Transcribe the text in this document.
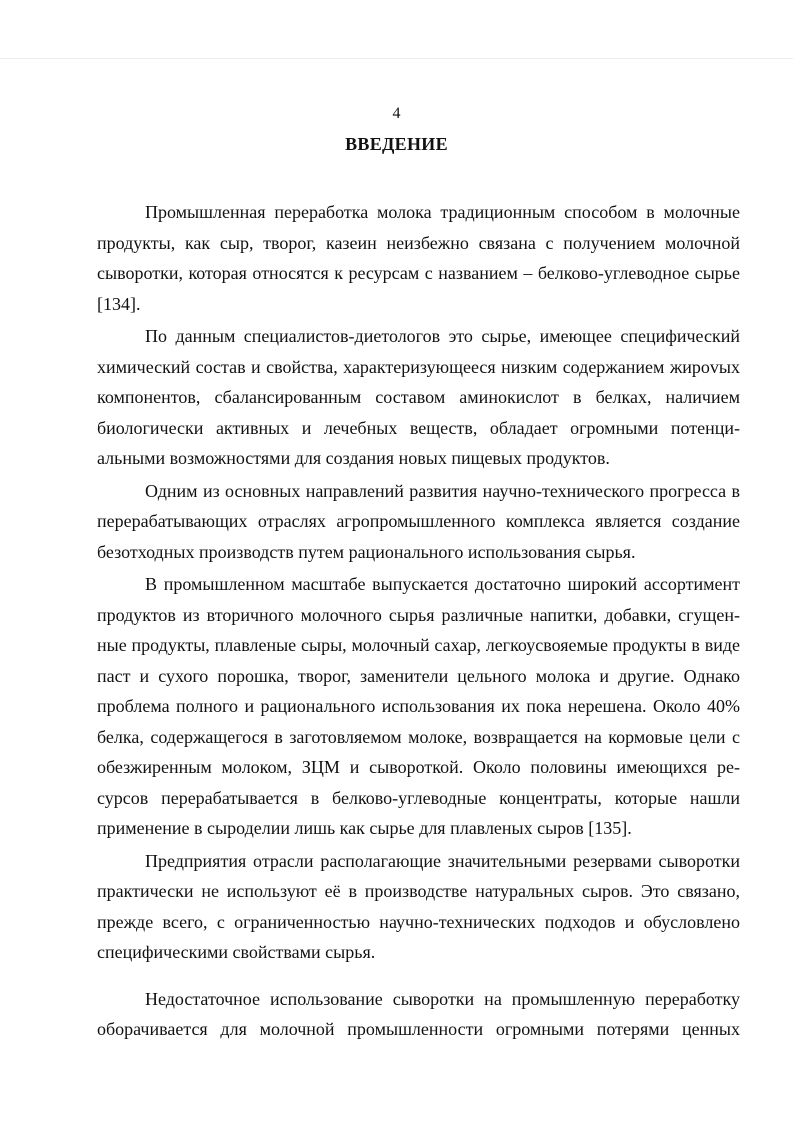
4
ВВЕДЕНИЕ

Промышленная переработка молока традиционным способом в молочные продукты, как сыр, творог, казеин неизбежно связана с получением молочной сыворотки, которая относятся к ресурсам с названием – белково-углеводное сырье [134].

По данным специалистов-диетологов это сырье, имеющее специфический химический состав и свойства, характеризующееся низким содержанием жироvых компонентов, сбалансированным составом аминокислот в белках, наличием биологически активных и лечебных веществ, обладает огромными потенциальными возможностями для создания новых пищевых продуктов.

Одним из основных направлений развития научно-технического прогресса в перерабатывающих отраслях агропромышленного комплекса является создание безотходных производств путем рационального использования сырья.

В промышленном масштабе выпускается достаточно широкий ассортимент продуктов из вторичного молочного сырья различные напитки, добавки, сгущенные продукты, плавленые сыры, молочный сахар, легкоусвояемые продукты в виде паст и сухого порошка, творог, заменители цельного молока и другие. Однако проблема полного и рационального использования их пока нерешена. Около 40% белка, содержащегося в заготовляемом молоке, возвращается на кормовые цели с обезжиренным молоком, ЗЦМ и сывороткой. Около половины имеющихся ресурсов перерабатывается в белково-углеводные концентраты, которые нашли применение в сыроделии лишь как сырье для плавленых сыров [135].

Предприятия отрасли располагающие значительными резервами сыворотки практически не используют её в производстве натуральных сыров. Это связано, прежде всего, с ограниченностью научно-технических подходов и обусловлено специфическими свойствами сырья.

Недостаточное использование сыворотки на промышленную переработку оборачивается для молочной промышленности огромными потерями ценных
